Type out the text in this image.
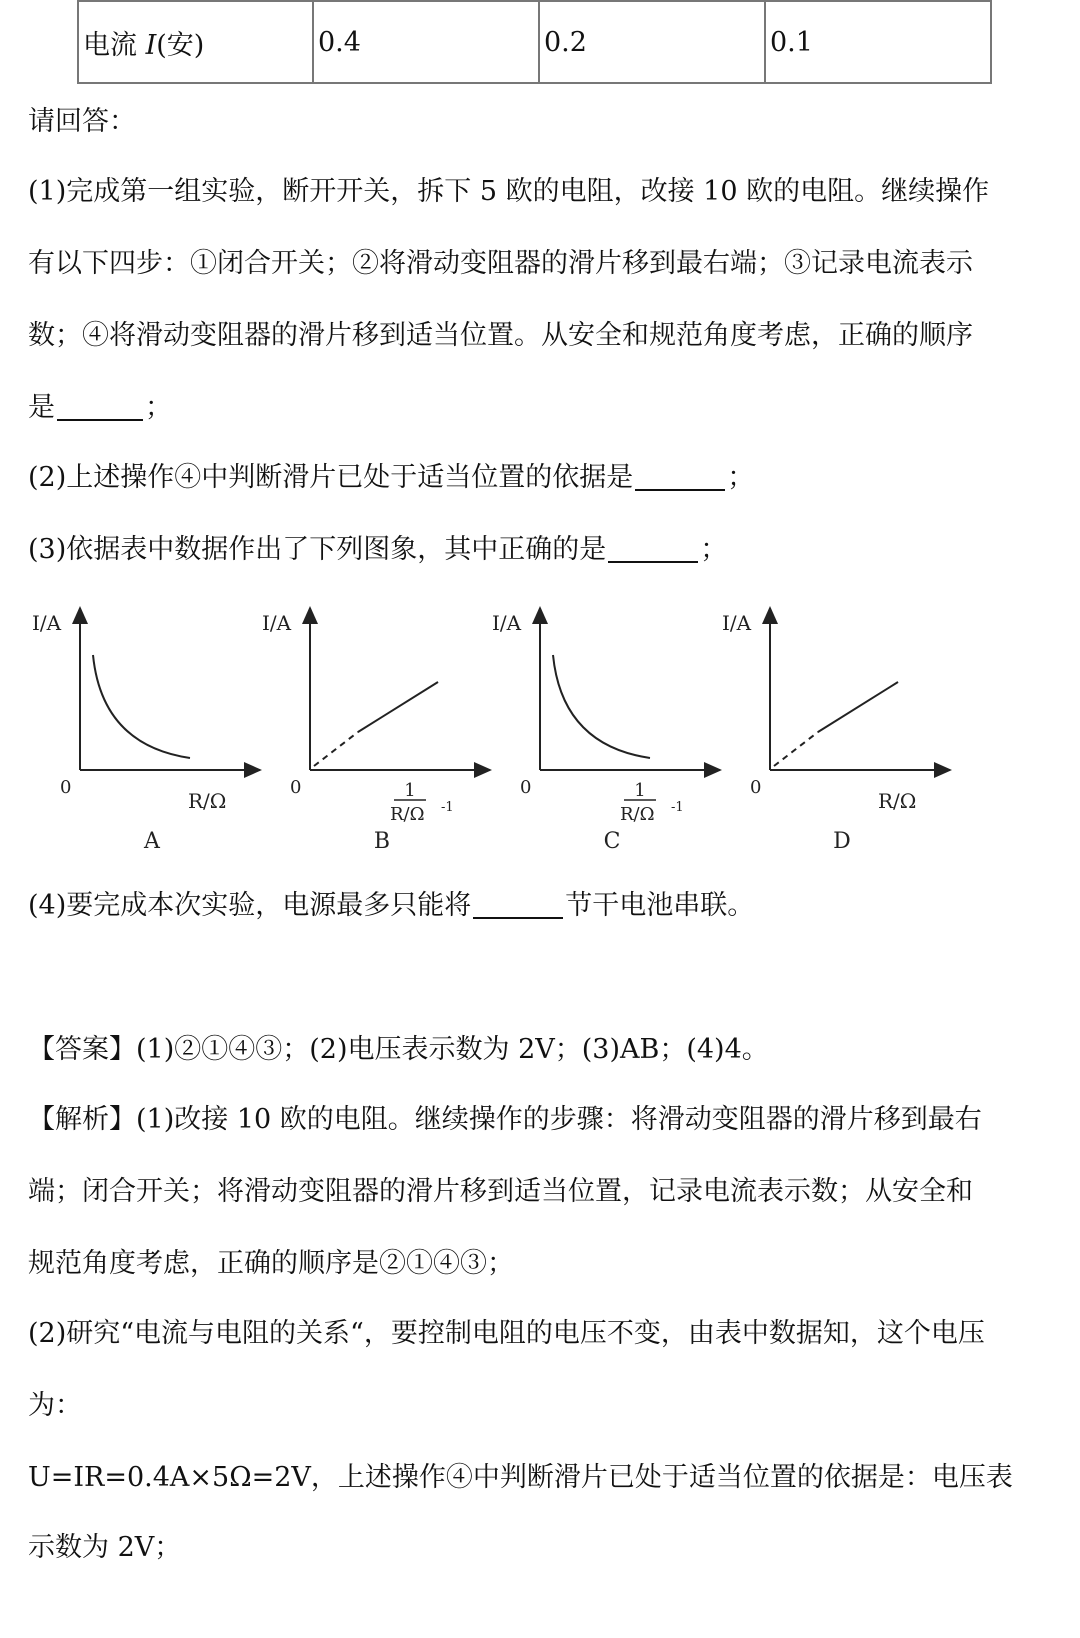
电流 I(安)	0.4	0.2	0.1
请回答：
(1)完成第一组实验，断开开关，拆下 5 欧的电阻，改接 10 欧的电阻。继续操作
有以下四步：①闭合开关；②将滑动变阻器的滑片移到最右端；③记录电流表示
数；④将滑动变阻器的滑片移到适当位置。从安全和规范角度考虑，正确的顺序
是	；
(2)上述操作④中判断滑片已处于适当位置的依据是	；
(3)依据表中数据作出了下列图象，其中正确的是	；
I/A
0
R/Ω
A
I/A
0	1
R/Ω -1
B
I/A
0	1
R/Ω -1
C
I/A
0
R/Ω
D
(4)要完成本次实验，电源最多只能将	节干电池串联。
【答案】(1)②①④③；(2)电压表示数为 2V；(3)AB；(4)4。
【解析】(1)改接 10 欧的电阻。继续操作的步骤：将滑动变阻器的滑片移到最右
端；闭合开关；将滑动变阻器的滑片移到适当位置，记录电流表示数；从安全和
规范角度考虑，正确的顺序是②①④③；
(2)研究“电流与电阻的关系“，要控制电阻的电压不变，由表中数据知，这个电压
为：
U=IR=0.4A×5Ω=2V，上述操作④中判断滑片已处于适当位置的依据是：电压表
示数为 2V；
